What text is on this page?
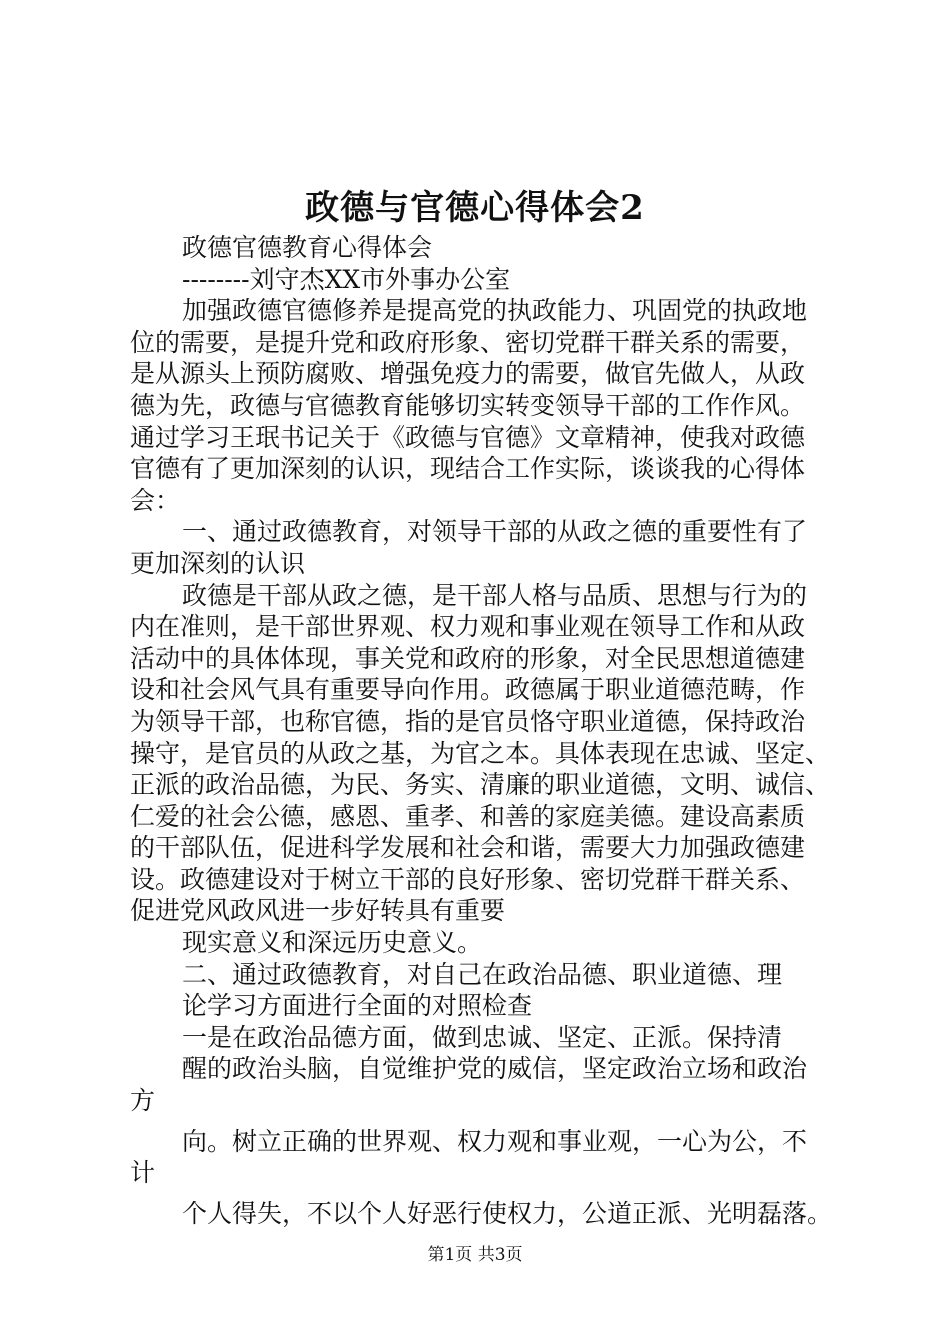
政德与官德心得体会2
政德官德教育心得体会
--------刘守杰XX市外事办公室
加强政德官德修养是提高党的执政能力、巩固党的执政地
位的需要，是提升党和政府形象、密切党群干群关系的需要，
是从源头上预防腐败、增强免疫力的需要，做官先做人，从政
德为先，政德与官德教育能够切实转变领导干部的工作作风。
通过学习王珉书记关于《政德与官德》文章精神，使我对政德
官德有了更加深刻的认识，现结合工作实际，谈谈我的心得体
会：
一、通过政德教育，对领导干部的从政之德的重要性有了
更加深刻的认识
政德是干部从政之德，是干部人格与品质、思想与行为的
内在准则，是干部世界观、权力观和事业观在领导工作和从政
活动中的具体体现，事关党和政府的形象，对全民思想道德建
设和社会风气具有重要导向作用。政德属于职业道德范畴，作
为领导干部，也称官德，指的是官员恪守职业道德，保持政治
操守，是官员的从政之基，为官之本。具体表现在忠诚、坚定、
正派的政治品德，为民、务实、清廉的职业道德，文明、诚信、
仁爱的社会公德，感恩、重孝、和善的家庭美德。建设高素质
的干部队伍，促进科学发展和社会和谐，需要大力加强政德建
设。政德建设对于树立干部的良好形象、密切党群干群关系、
促进党风政风进一步好转具有重要
现实意义和深远历史意义。
二、通过政德教育，对自己在政治品德、职业道德、理
论学习方面进行全面的对照检查
一是在政治品德方面，做到忠诚、坚定、正派。保持清
醒的政治头脑，自觉维护党的威信，坚定政治立场和政治
方
向。树立正确的世界观、权力观和事业观，一心为公，不
计
个人得失，不以个人好恶行使权力，公道正派、光明磊落。
第1页 共3页
